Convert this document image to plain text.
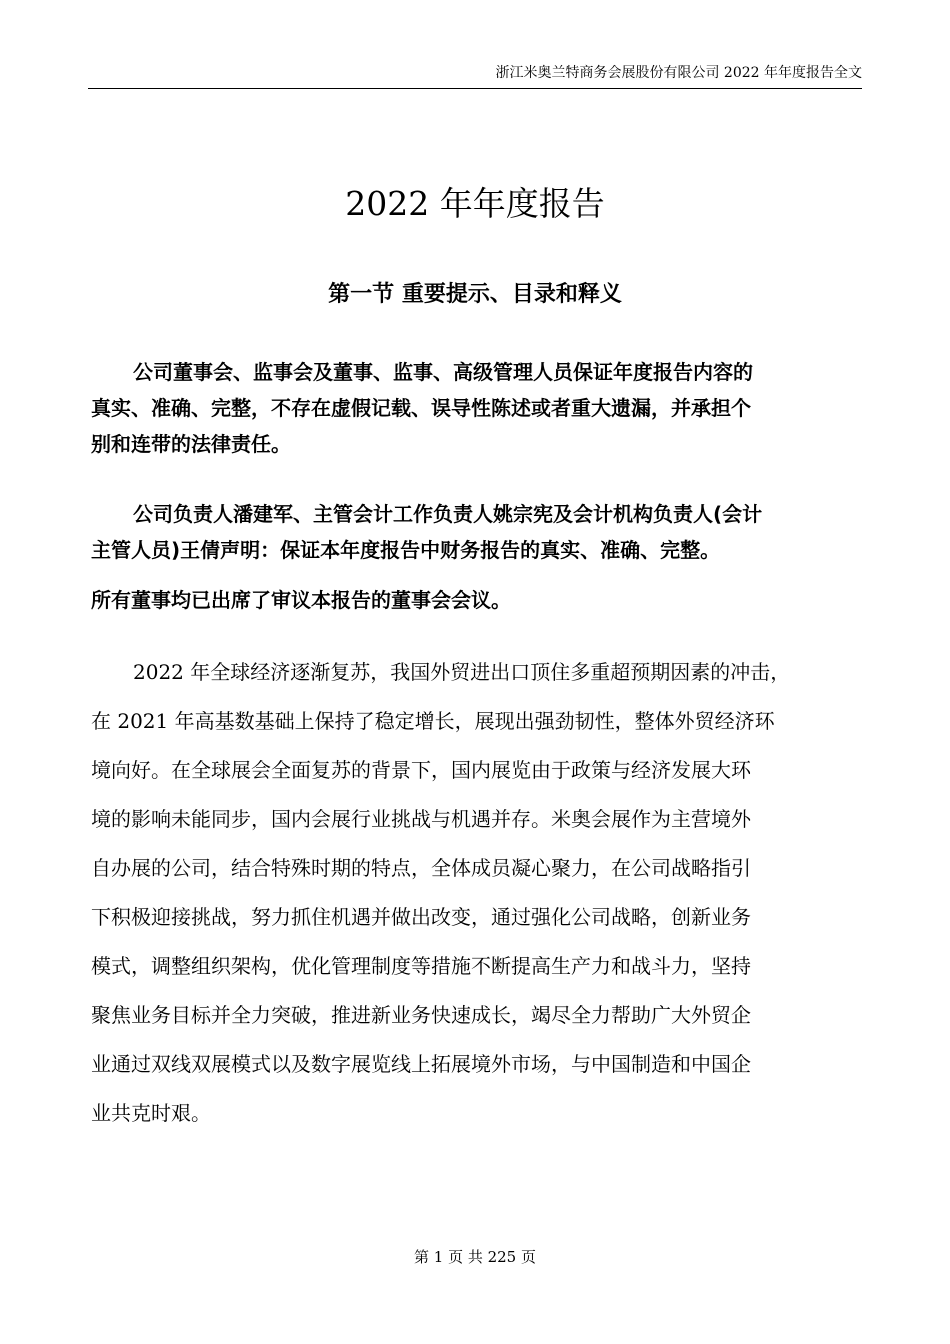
浙江米奥兰特商务会展股份有限公司 2022 年年度报告全文
2022 年年度报告
第一节 重要提示、目录和释义
公司董事会、监事会及董事、监事、高级管理人员保证年度报告内容的
真实、准确、完整，不存在虚假记载、误导性陈述或者重大遗漏，并承担个
别和连带的法律责任。
公司负责人潘建军、主管会计工作负责人姚宗宪及会计机构负责人(会计
主管人员)王倩声明：保证本年度报告中财务报告的真实、准确、完整。
所有董事均已出席了审议本报告的董事会会议。
2022 年全球经济逐渐复苏，我国外贸进出口顶住多重超预期因素的冲击，
在 2021 年高基数基础上保持了稳定增长，展现出强劲韧性，整体外贸经济环
境向好。在全球展会全面复苏的背景下，国内展览由于政策与经济发展大环
境的影响未能同步，国内会展行业挑战与机遇并存。米奥会展作为主营境外
自办展的公司，结合特殊时期的特点，全体成员凝心聚力，在公司战略指引
下积极迎接挑战，努力抓住机遇并做出改变，通过强化公司战略，创新业务
模式，调整组织架构，优化管理制度等措施不断提高生产力和战斗力，坚持
聚焦业务目标并全力突破，推进新业务快速成长，竭尽全力帮助广大外贸企
业通过双线双展模式以及数字展览线上拓展境外市场，与中国制造和中国企
业共克时艰。
第 1 页 共 225 页
